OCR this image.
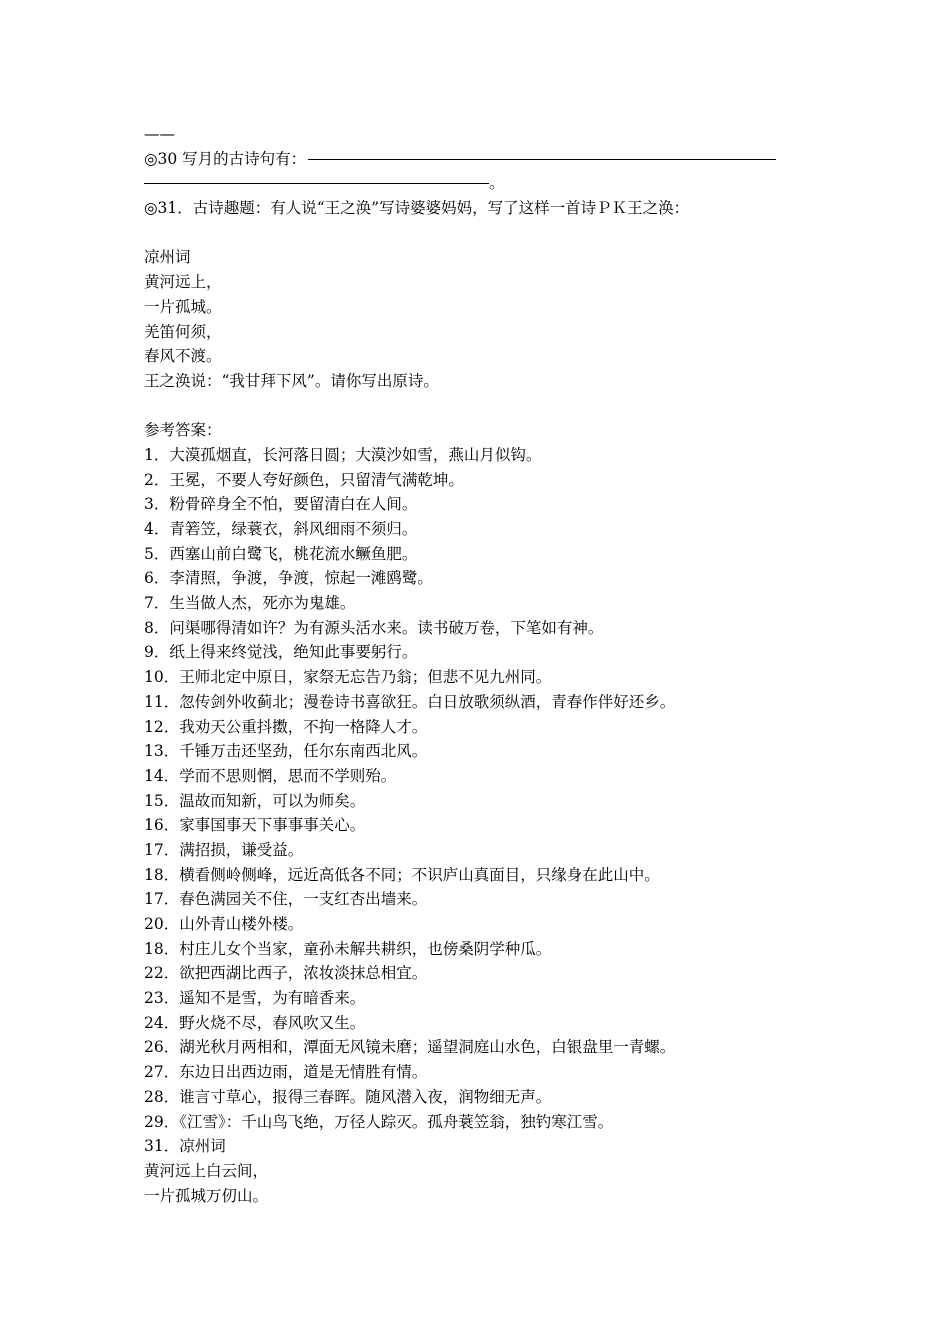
——
◎30 写月的古诗句有：
。
◎31．古诗趣题：有人说“王之涣”写诗婆婆妈妈，写了这样一首诗ＰＫ王之涣：
凉州词
黄河远上，
一片孤城。
羌笛何须，
春风不渡。
王之涣说：“我甘拜下风”。请你写出原诗。
参考答案：
1．大漠孤烟直，长河落日圆；大漠沙如雪，燕山月似钩。
2．王冕，不要人夸好颜色，只留清气满乾坤。
3．粉骨碎身全不怕，要留清白在人间。
4．青箬笠，绿蓑衣，斜风细雨不须归。
5．西塞山前白鹭飞，桃花流水鳜鱼肥。
6．李清照，争渡，争渡，惊起一滩鸥鹭。
7．生当做人杰，死亦为鬼雄。
8．问渠哪得清如许？为有源头活水来。读书破万卷，下笔如有神。
9．纸上得来终觉浅，绝知此事要躬行。
10．王师北定中原日，家祭无忘告乃翁；但悲不见九州同。
11．忽传剑外收蓟北；漫卷诗书喜欲狂。白日放歌须纵酒，青春作伴好还乡。
12．我劝天公重抖擞，不拘一格降人才。
13．千锤万击还坚劲，任尔东南西北风。
14．学而不思则惘，思而不学则殆。
15．温故而知新，可以为师矣。
16．家事国事天下事事事关心。
17．满招损，谦受益。
18．横看侧岭侧峰，远近高低各不同；不识庐山真面目，只缘身在此山中。
17．春色满园关不住，一支红杏出墙来。
20．山外青山楼外楼。
18．村庄儿女个当家，童孙未解共耕织，也傍桑阴学种瓜。
22．欲把西湖比西子，浓妆淡抹总相宜。
23．遥知不是雪，为有暗香来。
24．野火烧不尽，春风吹又生。
26．湖光秋月两相和，潭面无风镜未磨；遥望洞庭山水色，白银盘里一青螺。
27．东边日出西边雨，道是无情胜有情。
28．谁言寸草心，报得三春晖。随风潜入夜，润物细无声。
29．《江雪》：千山鸟飞绝，万径人踪灭。孤舟蓑笠翁，独钓寒江雪。
31．凉州词
黄河远上白云间，
一片孤城万仞山。
